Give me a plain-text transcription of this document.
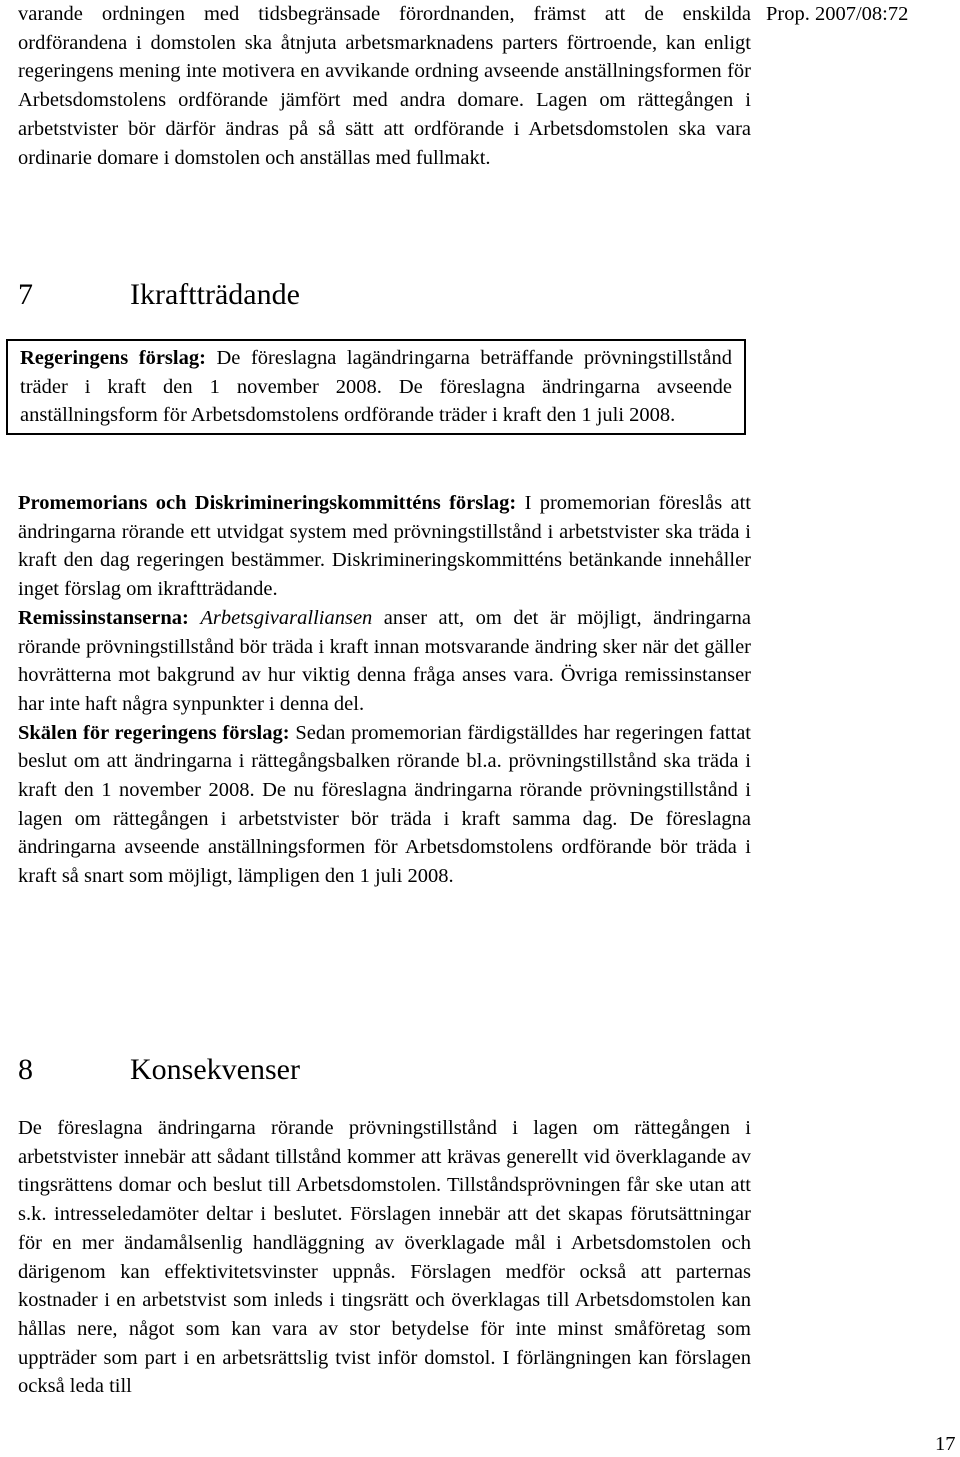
Prop. 2007/08:72

varande ordningen med tidsbegränsade förordnanden, främst att de enskilda ordförandena i domstolen ska åtnjuta arbetsmarknadens parters förtroende, kan enligt regeringens mening inte motivera en avvikande ordning avseende anställningsformen för Arbetsdomstolens ordförande jämfört med andra domare. Lagen om rättegången i arbetstvister bör därför ändras på så sätt att ordförande i Arbetsdomstolen ska vara ordinarie domare i domstolen och anställas med fullmakt.

7	Ikraftträdande

Regeringens förslag: De föreslagna lagändringarna beträffande prövningstillstånd träder i kraft den 1 november 2008. De föreslagna ändringarna avseende anställningsform för Arbetsdomstolens ordförande träder i kraft den 1 juli 2008.

Promemorians och Diskrimineringskommitténs förslag: I promemorian föreslås att ändringarna rörande ett utvidgat system med prövningstillstånd i arbetstvister ska träda i kraft den dag regeringen bestämmer. Diskrimineringskommitténs betänkande innehåller inget förslag om ikraftträdande.

Remissinstanserna: Arbetsgivaralliansen anser att, om det är möjligt, ändringarna rörande prövningstillstånd bör träda i kraft innan motsvarande ändring sker när det gäller hovrätterna mot bakgrund av hur viktig denna fråga anses vara. Övriga remissinstanser har inte haft några synpunkter i denna del.

Skälen för regeringens förslag: Sedan promemorian färdigställdes har regeringen fattat beslut om att ändringarna i rättegångsbalken rörande bl.a. prövningstillstånd ska träda i kraft den 1 november 2008. De nu föreslagna ändringarna rörande prövningstillstånd i lagen om rättegången i arbetstvister bör träda i kraft samma dag. De föreslagna ändringarna avseende anställningsformen för Arbetsdomstolens ordförande bör träda i kraft så snart som möjligt, lämpligen den 1 juli 2008.

8	Konsekvenser

De föreslagna ändringarna rörande prövningstillstånd i lagen om rättegången i arbetstvister innebär att sådant tillstånd kommer att krävas generellt vid överklagande av tingsrättens domar och beslut till Arbetsdomstolen. Tillståndsprövningen får ske utan att s.k. intresseledamöter deltar i beslutet. Förslagen innebär att det skapas förutsättningar för en mer ändamålsenlig handläggning av överklagade mål i Arbetsdomstolen och därigenom kan effektivitetsvinster uppnås. Förslagen medför också att parternas kostnader i en arbetstvist som inleds i tingsrätt och överklagas till Arbetsdomstolen kan hållas nere, något som kan vara av stor betydelse för inte minst småföretag som uppträder som part i en arbetsrättslig tvist inför domstol. I förlängningen kan förslagen också leda till

17
